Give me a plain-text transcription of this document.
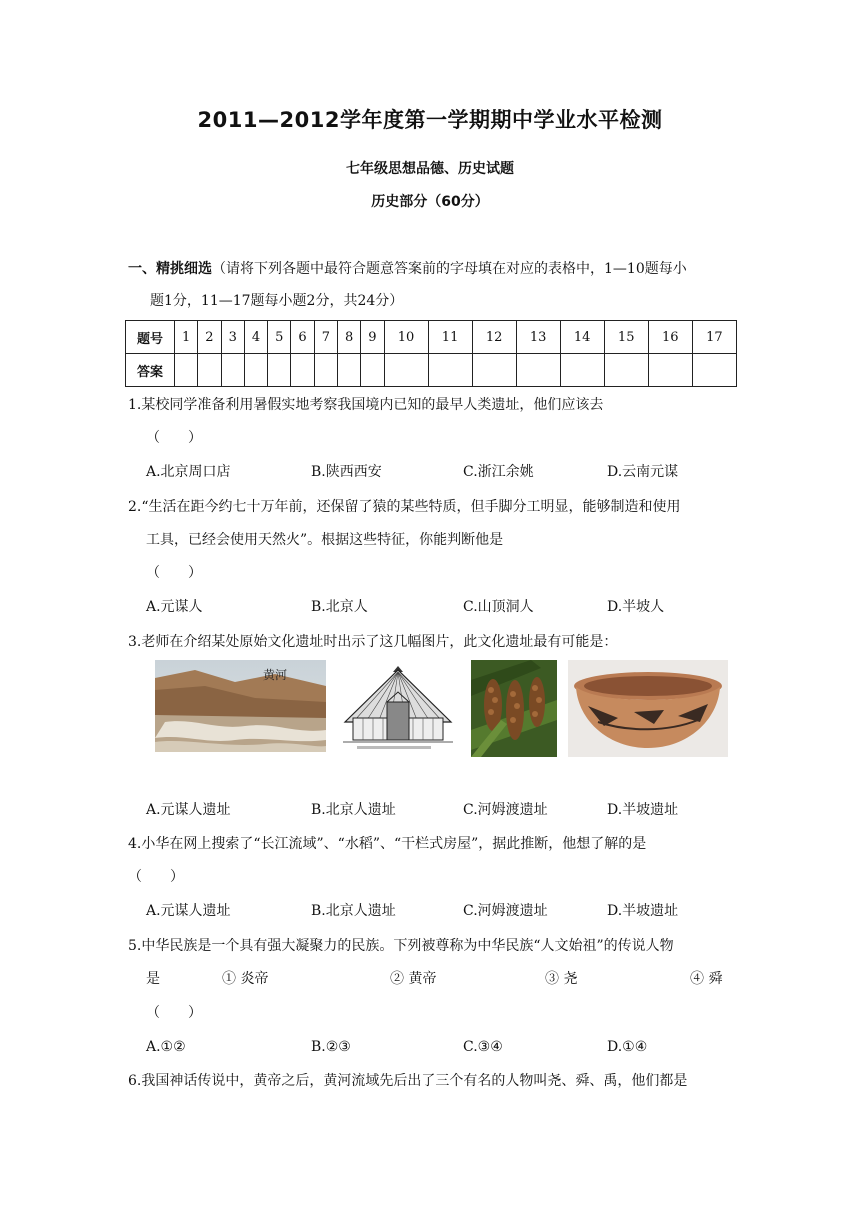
2011—2012学年度第一学期期中学业水平检测
七年级思想品德、历史试题
历史部分（60分）
一、精挑细选（请将下列各题中最符合题意答案前的字母填在对应的表格中，1—10题每小
题1分，11—17题每小题2分，共24分）
题号	1	2	3	4	5	6	7	8	9	10	11	12	13	14	15	16	17
答案																	
1.某校同学准备利用暑假实地考察我国境内已知的最早人类遗址，他们应该去
（　　）
A.北京周口店	B.陕西西安	C.浙江余姚	D.云南元谋
2.“生活在距今约七十万年前，还保留了猿的某些特质，但手脚分工明显，能够制造和使用
工具，已经会使用天然火”。根据这些特征，你能判断他是
（　　）
A.元谋人	B.北京人	C.山顶洞人	D.半坡人
3.老师在介绍某处原始文化遗址时出示了这几幅图片，此文化遗址最有可能是：
黄河
A.元谋人遗址	B.北京人遗址	C.河姆渡遗址	D.半坡遗址
4.小华在网上搜索了“长江流域”、“水稻”、“干栏式房屋”，据此推断，他想了解的是
（　　）
A.元谋人遗址	B.北京人遗址	C.河姆渡遗址	D.半坡遗址
5.中华民族是一个具有强大凝聚力的民族。下列被尊称为中华民族“人文始祖”的传说人物
是	① 炎帝	② 黄帝	③ 尧	④ 舜
（　　）
A.①②	B.②③	C.③④	D.①④
6.我国神话传说中，黄帝之后，黄河流域先后出了三个有名的人物叫尧、舜、禹，他们都是
